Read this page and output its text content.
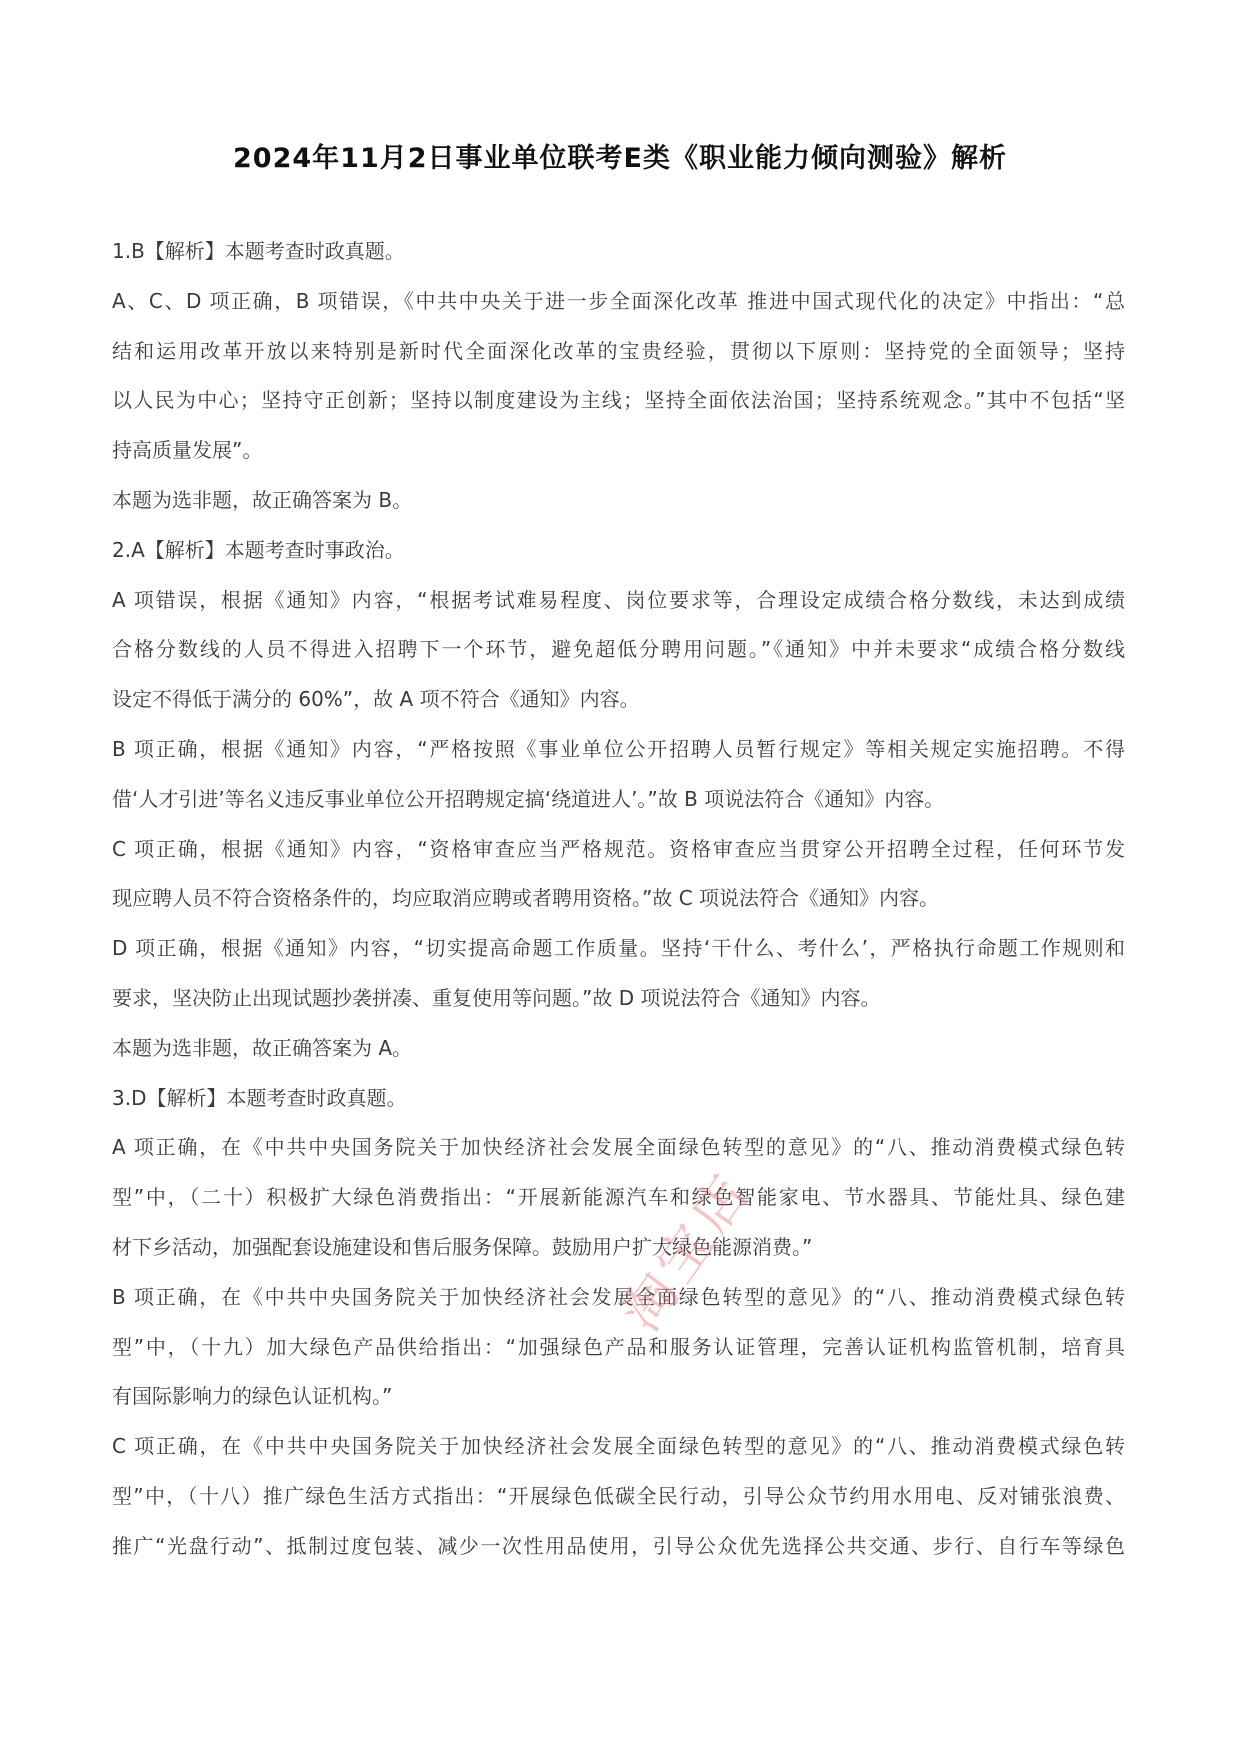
2024年11月2日事业单位联考E类《职业能力倾向测验》解析
1.B【解析】本题考查时政真题。
A、C、D 项正确，B 项错误，《中共中央关于进一步全面深化改革 推进中国式现代化的决定》中指出：“总
结和运用改革开放以来特别是新时代全面深化改革的宝贵经验，贯彻以下原则：坚持党的全面领导；坚持
以人民为中心；坚持守正创新；坚持以制度建设为主线；坚持全面依法治国；坚持系统观念。”其中不包括“坚
持高质量发展”。
本题为选非题，故正确答案为 B。
2.A【解析】本题考查时事政治。
A 项错误，根据《通知》内容，“根据考试难易程度、岗位要求等，合理设定成绩合格分数线，未达到成绩
合格分数线的人员不得进入招聘下一个环节，避免超低分聘用问题。”《通知》中并未要求“成绩合格分数线
设定不得低于满分的 60%”，故 A 项不符合《通知》内容。
B 项正确，根据《通知》内容，“严格按照《事业单位公开招聘人员暂行规定》等相关规定实施招聘。不得
借‘人才引进’等名义违反事业单位公开招聘规定搞‘绕道进人’。”故 B 项说法符合《通知》内容。
C 项正确，根据《通知》内容，“资格审查应当严格规范。资格审查应当贯穿公开招聘全过程，任何环节发
现应聘人员不符合资格条件的，均应取消应聘或者聘用资格。”故 C 项说法符合《通知》内容。
D 项正确，根据《通知》内容，“切实提高命题工作质量。坚持‘干什么、考什么’，严格执行命题工作规则和
要求，坚决防止出现试题抄袭拼凑、重复使用等问题。”故 D 项说法符合《通知》内容。
本题为选非题，故正确答案为 A。
3.D【解析】本题考查时政真题。
A 项正确，在《中共中央国务院关于加快经济社会发展全面绿色转型的意见》的“八、推动消费模式绿色转
型”中，（二十）积极扩大绿色消费指出：“开展新能源汽车和绿色智能家电、节水器具、节能灶具、绿色建
材下乡活动，加强配套设施建设和售后服务保障。鼓励用户扩大绿色能源消费。”
B 项正确，在《中共中央国务院关于加快经济社会发展全面绿色转型的意见》的“八、推动消费模式绿色转
型”中，（十九）加大绿色产品供给指出：“加强绿色产品和服务认证管理，完善认证机构监管机制，培育具
有国际影响力的绿色认证机构。”
C 项正确，在《中共中央国务院关于加快经济社会发展全面绿色转型的意见》的“八、推动消费模式绿色转
型”中，（十八）推广绿色生活方式指出：“开展绿色低碳全民行动，引导公众节约用水用电、反对铺张浪费、
推广“光盘行动”、抵制过度包装、减少一次性用品使用，引导公众优先选择公共交通、步行、自行车等绿色
淘宝店
